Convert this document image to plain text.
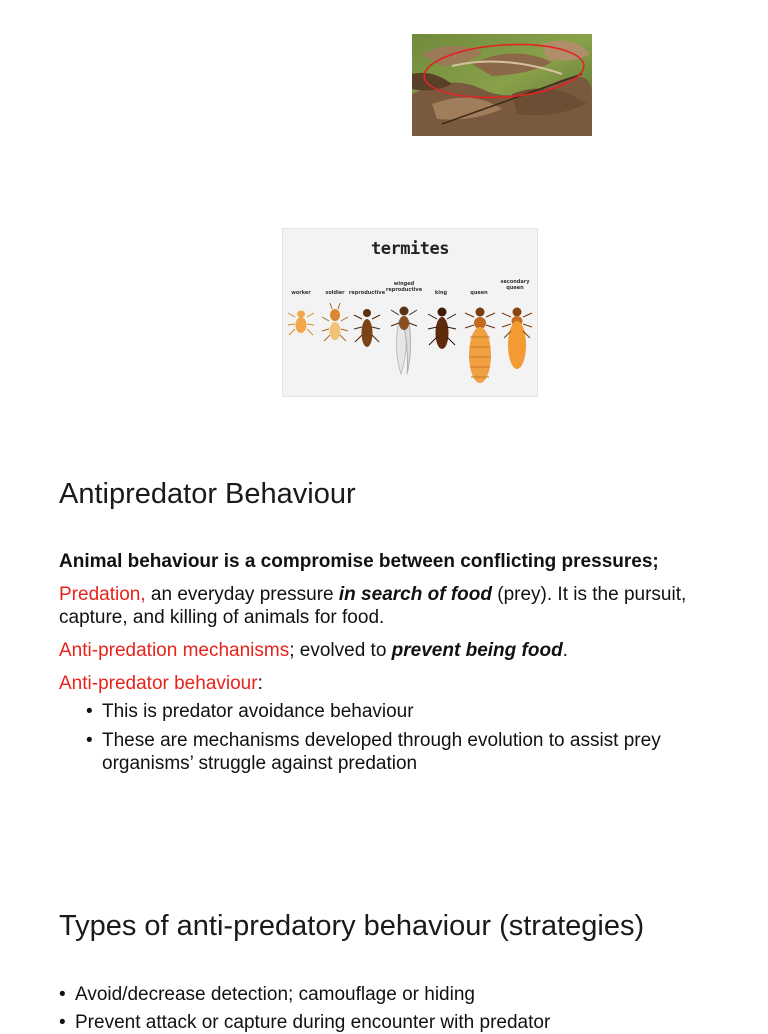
termites
worker	soldier reproductive
winged reproductive	king	queen
secondary queen
Antipredator Behaviour
Animal behaviour is a compromise between conflicting pressures;
Predation, an everyday pressure in search of food (prey). It is the pursuit, capture, and killing of animals for food.
Anti-predation mechanisms; evolved to prevent being food.
Anti-predator behaviour:
• This is predator avoidance behaviour
• These are mechanisms developed through evolution to assist prey organisms’ struggle against predation
Types of anti-predatory behaviour (strategies)
• Avoid/decrease detection; camouflage or hiding
• Prevent attack or capture during encounter with predator
